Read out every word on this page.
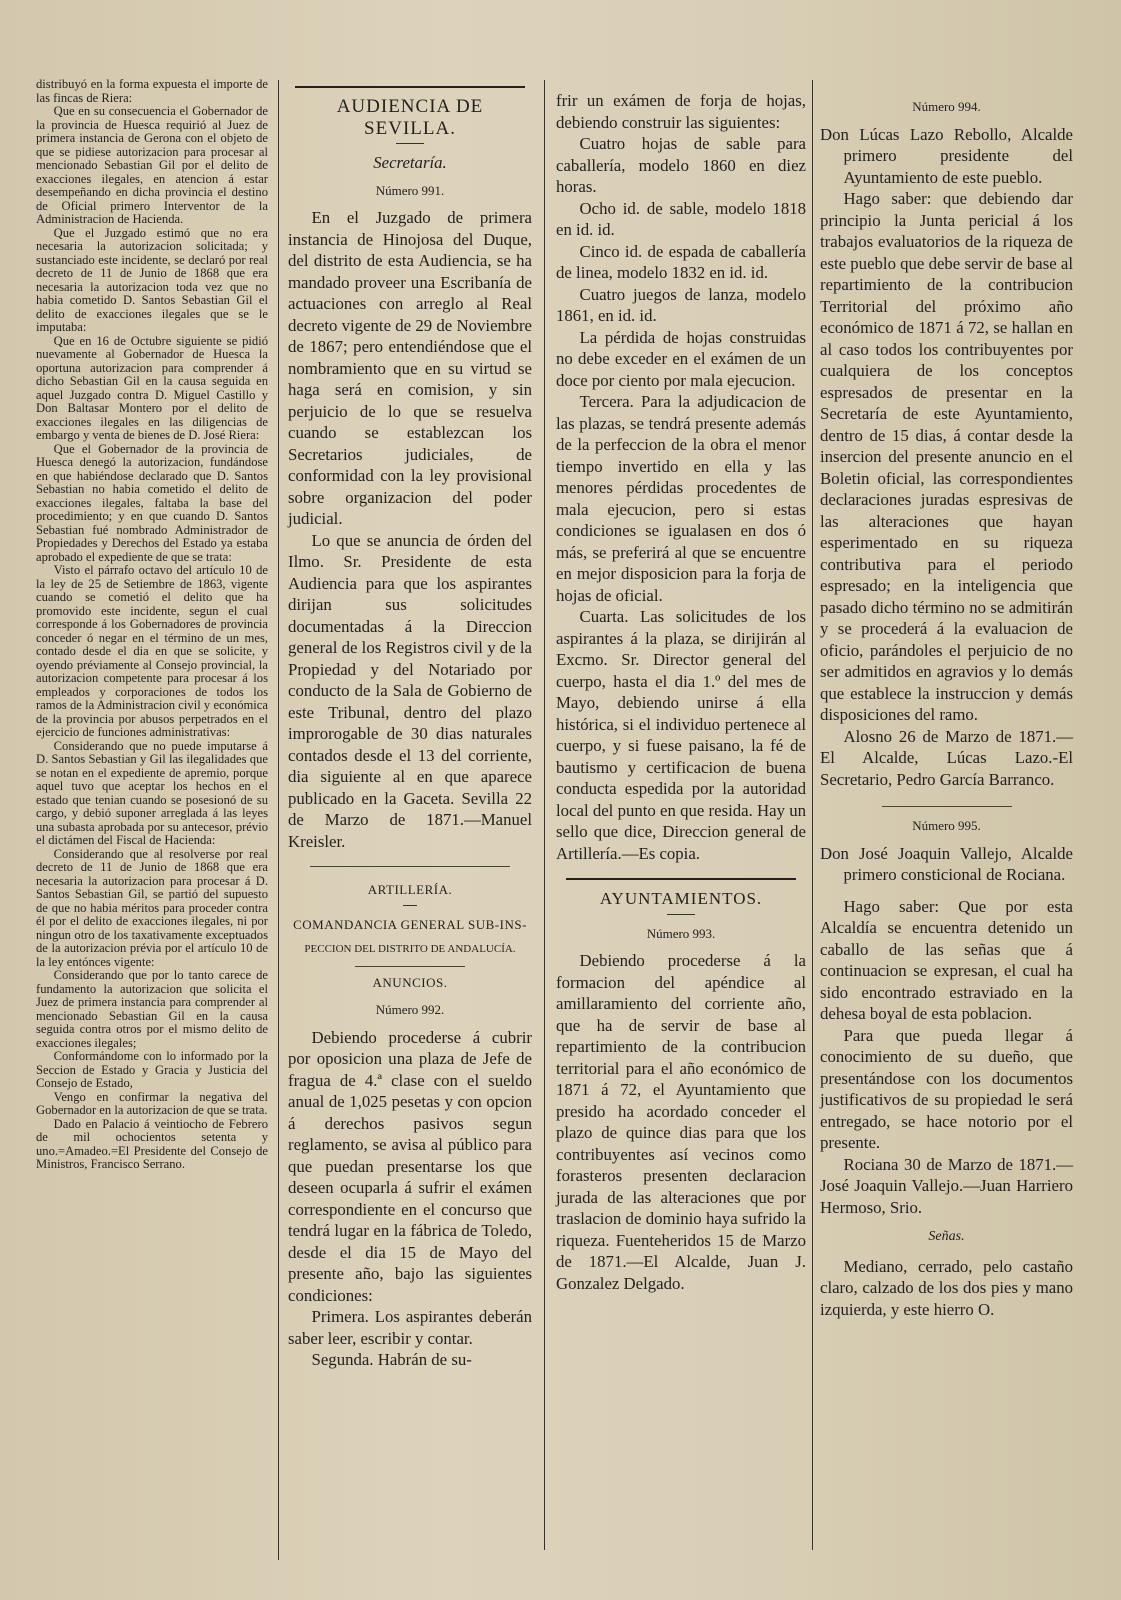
distribuyó en la forma expuesta el importe de las fincas de Riera:

Que en su consecuencia el Gobernador de la provincia de Huesca requirió al Juez de primera instancia de Gerona con el objeto de que se pidiese autorizacion para procesar al mencionado Sebastian Gil por el delito de exacciones ilegales, en atencion á estar desempeñando en dicha provincia el destino de Oficial primero Interventor de la Administracion de Hacienda.

Que el Juzgado estimó que no era necesaria la autorizacion solicitada; y sustanciado este incidente, se declaró por real decreto de 11 de Junio de 1868 que era necesaria la autorizacion toda vez que no habia cometido D. Santos Sebastian Gil el delito de exacciones ilegales que se le imputaba:

Que en 16 de Octubre siguiente se pidió nuevamente al Gobernador de Huesca la oportuna autorizacion para comprender á dicho Sebastian Gil en la causa seguida en aquel Juzgado contra D. Miguel Castillo y Don Baltasar Montero por el delito de exacciones ilegales en las diligencias de embargo y venta de bienes de D. José Riera:

Que el Gobernador de la provincia de Huesca denegó la autorizacion, fundándose en que habiéndose declarado que D. Santos Sebastian no habia cometido el delito de exacciones ilegales, faltaba la base del procedimiento; y en que cuando D. Santos Sebastian fué nombrado Administrador de Propiedades y Derechos del Estado ya estaba aprobado el expediente de que se trata:

Visto el párrafo octavo del artículo 10 de la ley de 25 de Setiembre de 1863, vigente cuando se cometió el delito que ha promovido este incidente, segun el cual corresponde á los Gobernadores de provincia conceder ó negar en el término de un mes, contado desde el dia en que se solicite, y oyendo préviamente al Consejo provincial, la autorizacion competente para procesar á los empleados y corporaciones de todos los ramos de la Administracion civil y económica de la provincia por abusos perpetrados en el ejercicio de funciones administrativas:

Considerando que no puede imputarse á D. Santos Sebastian y Gil las ilegalidades que se notan en el expediente de apremio, porque aquel tuvo que aceptar los hechos en el estado que tenian cuando se posesionó de su cargo, y debió suponer arreglada á las leyes una subasta aprobada por su antecesor, prévio el dictámen del Fiscal de Hacienda:

Considerando que al resolverse por real decreto de 11 de Junio de 1868 que era necesaria la autorizacion para procesar á D. Santos Sebastian Gil, se partió del supuesto de que no habia méritos para proceder contra él por el delito de exacciones ilegales, ni por ningun otro de los taxativamente exceptuados de la autorizacion prévia por el artículo 10 de la ley entónces vigente:

Considerando que por lo tanto carece de fundamento la autorizacion que solicita el Juez de primera instancia para comprender al mencionado Sebastian Gil en la causa seguida contra otros por el mismo delito de exacciones ilegales;

Conformándome con lo informado por la Seccion de Estado y Gracia y Justicia del Consejo de Estado,

Vengo en confirmar la negativa del Gobernador en la autorizacion de que se trata.

Dado en Palacio á veintiocho de Febrero de mil ochocientos setenta y uno.=Amadeo.=El Presidente del Consejo de Ministros, Francisco Serrano.

AUDIENCIA DE SEVILLA.

Secretaría.

Número 991.

En el Juzgado de primera instancia de Hinojosa del Duque, del distrito de esta Audiencia, se ha mandado proveer una Escribanía de actuaciones con arreglo al Real decreto vigente de 29 de Noviembre de 1867; pero entendiéndose que el nombramiento que en su virtud se haga será en comision, y sin perjuicio de lo que se resuelva cuando se establezcan los Secretarios judiciales, de conformidad con la ley provisional sobre organizacion del poder judicial.

Lo que se anuncia de órden del Ilmo. Sr. Presidente de esta Audiencia para que los aspirantes dirijan sus solicitudes documentadas á la Direccion general de los Registros civil y de la Propiedad y del Notariado por conducto de la Sala de Gobierno de este Tribunal, dentro del plazo improrogable de 30 dias naturales contados desde el 13 del corriente, dia siguiente al en que aparece publicado en la Gaceta. Sevilla 22 de Marzo de 1871.—Manuel Kreisler.

ARTILLERÍA.

COMANDANCIA GENERAL SUB-INS-

PECCION DEL DISTRITO DE ANDALUCÍA.

ANUNCIOS.

Número 992.

Debiendo procederse á cubrir por oposicion una plaza de Jefe de fragua de 4.ª clase con el sueldo anual de 1,025 pesetas y con opcion á derechos pasivos segun reglamento, se avisa al público para que puedan presentarse los que deseen ocuparla á sufrir el exámen correspondiente en el concurso que tendrá lugar en la fábrica de Toledo, desde el dia 15 de Mayo del presente año, bajo las siguientes condiciones:

Primera. Los aspirantes deberán saber leer, escribir y contar.

Segunda. Habrán de su-

frir un exámen de forja de hojas, debiendo construir las siguientes:

Cuatro hojas de sable para caballería, modelo 1860 en diez horas.

Ocho id. de sable, modelo 1818 en id. id.

Cinco id. de espada de caballería de linea, modelo 1832 en id. id.

Cuatro juegos de lanza, modelo 1861, en id. id.

La pérdida de hojas construidas no debe exceder en el exámen de un doce por ciento por mala ejecucion.

Tercera. Para la adjudicacion de las plazas, se tendrá presente además de la perfeccion de la obra el menor tiempo invertido en ella y las menores pérdidas procedentes de mala ejecucion, pero si estas condiciones se igualasen en dos ó más, se preferirá al que se encuentre en mejor disposicion para la forja de hojas de oficial.

Cuarta. Las solicitudes de los aspirantes á la plaza, se dirijirán al Excmo. Sr. Director general del cuerpo, hasta el dia 1.º del mes de Mayo, debiendo unirse á ella histórica, si el individuo pertenece al cuerpo, y si fuese paisano, la fé de bautismo y certificacion de buena conducta espedida por la autoridad local del punto en que resida. Hay un sello que dice, Direccion general de Artillería.—Es copia.

AYUNTAMIENTOS.

Número 993.

Debiendo procederse á la formacion del apéndice al amillaramiento del corriente año, que ha de servir de base al repartimiento de la contribucion territorial para el año económico de 1871 á 72, el Ayuntamiento que presido ha acordado conceder el plazo de quince dias para que los contribuyentes así vecinos como forasteros presenten declaracion jurada de las alteraciones que por traslacion de dominio haya sufrido la riqueza. Fuenteheridos 15 de Marzo de 1871.—El Alcalde, Juan J. Gonzalez Delgado.

Número 994.

Don Lúcas Lazo Rebollo, Alcalde primero presidente del Ayuntamiento de este pueblo.

Hago saber: que debiendo dar principio la Junta pericial á los trabajos evaluatorios de la riqueza de este pueblo que debe servir de base al repartimiento de la contribucion Territorial del próximo año económico de 1871 á 72, se hallan en al caso todos los contribuyentes por cualquiera de los conceptos espresados de presentar en la Secretaría de este Ayuntamiento, dentro de 15 dias, á contar desde la insercion del presente anuncio en el Boletin oficial, las correspondientes declaraciones juradas espresivas de las alteraciones que hayan esperimentado en su riqueza contributiva para el periodo espresado; en la inteligencia que pasado dicho término no se admitirán y se procederá á la evaluacion de oficio, parándoles el perjuicio de no ser admitidos en agravios y lo demás que establece la instruccion y demás disposiciones del ramo.

Alosno 26 de Marzo de 1871.—El Alcalde, Lúcas Lazo.-El Secretario, Pedro García Barranco.

Número 995.

Don José Joaquin Vallejo, Alcalde primero consticional de Rociana.

Hago saber: Que por esta Alcaldía se encuentra detenido un caballo de las señas que á continuacion se expresan, el cual ha sido encontrado estraviado en la dehesa boyal de esta poblacion.

Para que pueda llegar á conocimiento de su dueño, que presentándose con los documentos justificativos de su propiedad le será entregado, se hace notorio por el presente.

Rociana 30 de Marzo de 1871.—José Joaquin Vallejo.—Juan Harriero Hermoso, Srio.

Señas.

Mediano, cerrado, pelo castaño claro, calzado de los dos pies y mano izquierda, y este hierro O.
